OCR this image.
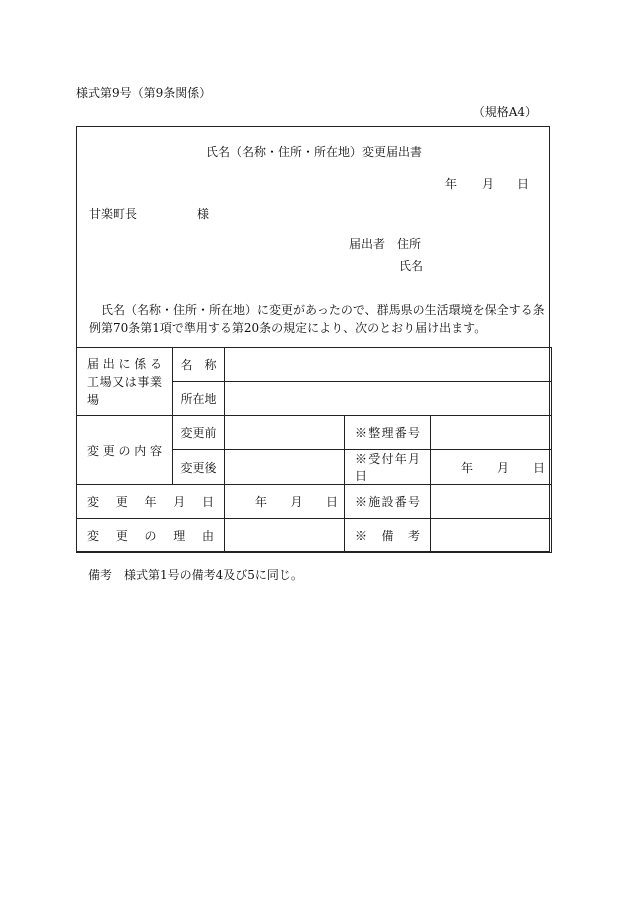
様式第9号（第9条関係）
（規格A4）
氏名（名称・住所・所在地）変更届出書
年 月 日
甘楽町長	様
届出者 住所
氏名
氏名（名称・住所・所在地）に変更があったので、群馬県の生活環境を保全する条
例第70条第1項で準用する第20条の規定により、次のとおり届け出ます。
届出に係る
工場又は事業場	名　称			
	所在地			
変更の内容	変更前		※整理番号	
	変更後		※受付年月日	年 月 日

変更年月日		年 月 日	※施設番号	
変更の理由			※備考	
備考　様式第1号の備考4及び5に同じ。
